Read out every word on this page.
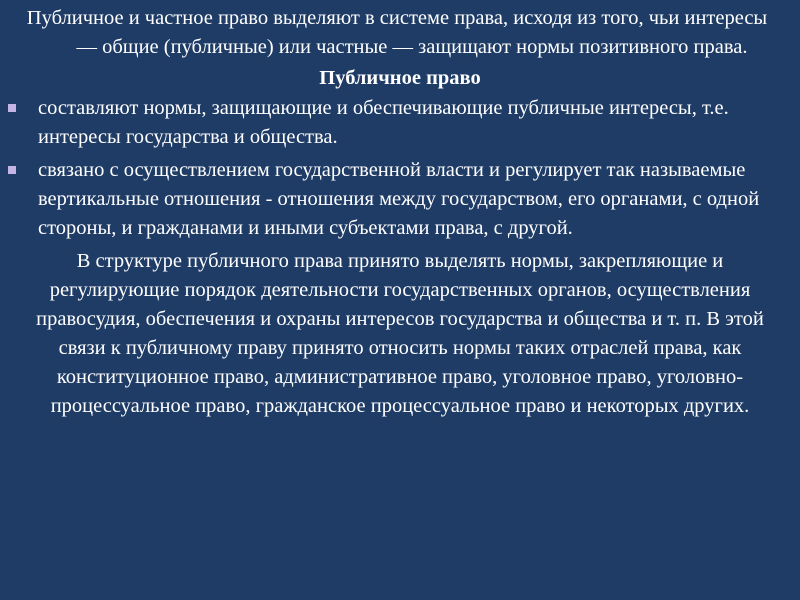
Публичное и частное право выделяют в системе права, исходя из того, чьи интересы — общие (публичные) или частные — защищают нормы позитивного права.

Публичное право

составляют нормы, защищающие и обеспечивающие публичные интересы, т.е. интересы государства и общества.
связано с осуществлением государственной власти и регулирует так называемые вертикальные отношения - отношения между государством, его органами, с одной стороны, и гражданами и иными субъектами права, с другой.

В структуре публичного права принято выделять нормы, закрепляющие и регулирующие порядок деятельности государственных органов, осуществления правосудия, обеспечения и охраны интересов государства и общества и т. п. В этой связи к публичному праву принято относить нормы таких отраслей права, как конституционное право, административное право, уголовное право, уголовно-процессуальное право, гражданское процессуальное право и некоторых других.
